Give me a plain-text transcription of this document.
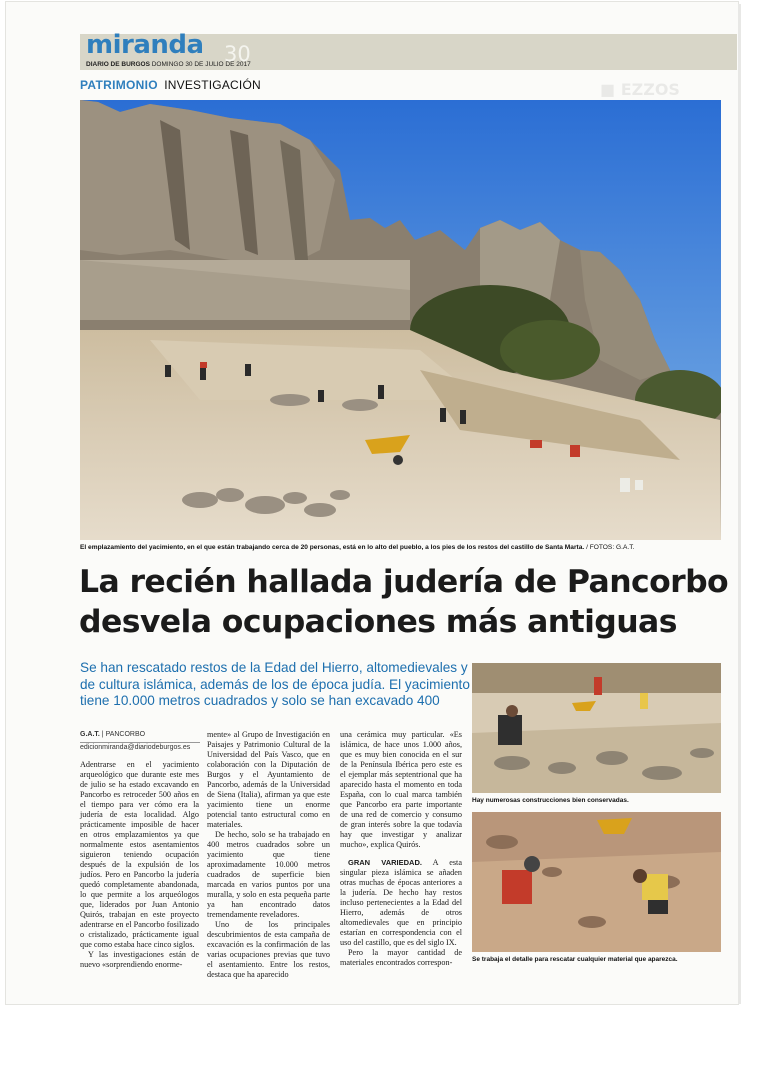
■ EZZOS

miranda 30
DIARIO DE BURGOS DOMINGO 30 DE JULIO DE 2017
PATRIMONIO INVESTIGACIÓN
El emplazamiento del yacimiento, en el que están trabajando cerca de 20 personas, está en lo alto del pueblo, a los pies de los restos del castillo de Santa Marta. / FOTOS: G.A.T.
La recién hallada judería de Pancorbo
desvela ocupaciones más antiguas
Se han rescatado restos de la Edad del Hierro, altomedievales y de cultura islámica, además de los de época judía. El yacimiento tiene 10.000 metros cuadrados y solo se han excavado 400
G.A.T. | PANCORBO
edicionmiranda@diariodeburgos.es

Adentrarse en el yacimiento arqueológico que durante este mes de julio se ha estado excavando en Pancorbo es retroceder 500 años en el tiempo para ver cómo era la judería de esta localidad. Algo prácticamente imposible de hacer en otros emplazamientos ya que normalmente estos asentamientos siguieron teniendo ocupación después de la expulsión de los judíos. Pero en Pancorbo la judería quedó completamente abandonada, lo que permite a los arqueólogos que, liderados por Juan Antonio Quirós, trabajan en este proyecto adentrarse en el Pancorbo fosilizado o cristalizado, prácticamente igual que como estaba hace cinco siglos.

Y las investigaciones están de nuevo «sorprendiendo enorme-

mente» al Grupo de Investigación en Paisajes y Patrimonio Cultural de la Universidad del País Vasco, que en colaboración con la Diputación de Burgos y el Ayuntamiento de Pancorbo, además de la Universidad de Siena (Italia), afirman ya que este yacimiento tiene un enorme potencial tanto estructural como en materiales.

De hecho, solo se ha trabajado en 400 metros cuadrados sobre un yacimiento que tiene aproximadamente 10.000 metros cuadrados de superficie bien marcada en varios puntos por una muralla, y solo en esta pequeña parte ya han encontrado datos tremendamente reveladores.

Uno de los principales descubrimientos de esta campaña de excavación es la confirmación de las varias ocupaciones previas que tuvo el asentamiento. Entre los restos, destaca que ha aparecido

una cerámica muy particular. «Es islámica, de hace unos 1.000 años, que es muy bien conocida en el sur de la Península Ibérica pero este es el ejemplar más septentrional que ha aparecido hasta el momento en toda España, con lo cual marca también que Pancorbo era parte importante de una red de comercio y consumo de gran interés sobre la que todavía hay que investigar y analizar mucho», explica Quirós.

GRAN VARIEDAD. A esta singular pieza islámica se añaden otras muchas de épocas anteriores a la judería. De hecho hay restos incluso pertenecientes a la Edad del Hierro, además de otros altomedievales que en principio estarían en correspondencia con el uso del castillo, que es del siglo IX.

Pero la mayor cantidad de materiales encontrados correspon-

Hay numerosas construcciones bien conservadas.
Se trabaja el detalle para rescatar cualquier material que aparezca.
